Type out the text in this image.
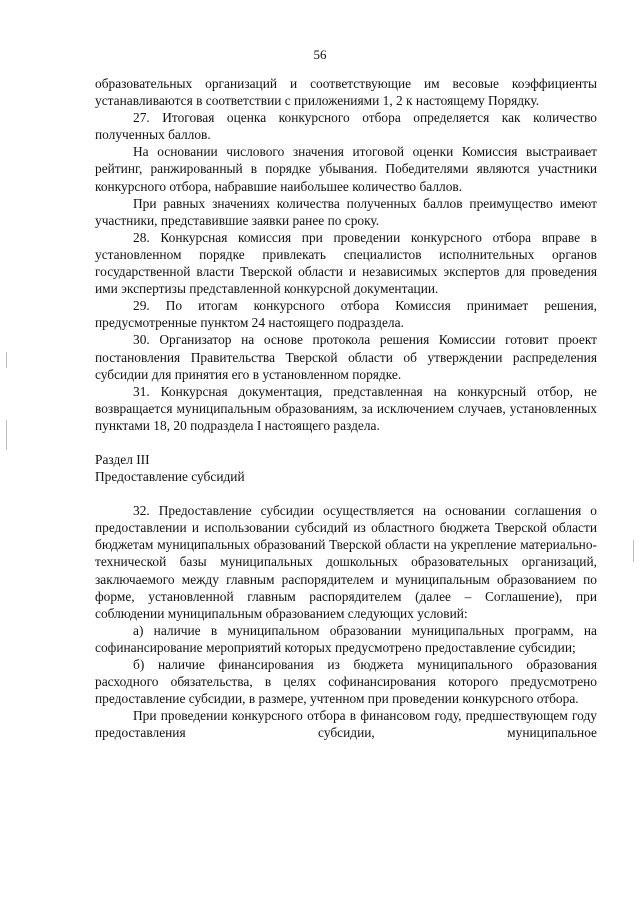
56

образовательных организаций и соответствующие им весовые коэффициенты устанавливаются в соответствии с приложениями 1, 2 к настоящему Порядку.

27. Итоговая оценка конкурсного отбора определяется как количество полученных баллов.

На основании числового значения итоговой оценки Комиссия выстраивает рейтинг, ранжированный в порядке убывания. Победителями являются участники конкурсного отбора, набравшие наибольшее количество баллов.

При равных значениях количества полученных баллов преимущество имеют участники, представившие заявки ранее по сроку.

28. Конкурсная комиссия при проведении конкурсного отбора вправе в установленном порядке привлекать специалистов исполнительных органов государственной власти Тверской области и независимых экспертов для проведения ими экспертизы представленной конкурсной документации.

29. По итогам конкурсного отбора Комиссия принимает решения, предусмотренные пунктом 24 настоящего подраздела.

30. Организатор на основе протокола решения Комиссии готовит проект постановления Правительства Тверской области об утверждении распределения субсидии для принятия его в установленном порядке.

31. Конкурсная документация, представленная на конкурсный отбор, не возвращается муниципальным образованиям, за исключением случаев, установленных пунктами 18, 20 подраздела I настоящего раздела.

Раздел III

Предоставление субсидий

32. Предоставление субсидии осуществляется на основании соглашения о предоставлении и использовании субсидий из областного бюджета Тверской области бюджетам муниципальных образований Тверской области на укрепление материально-технической базы муниципальных дошкольных образовательных организаций, заключаемого между главным распорядителем и муниципальным образованием по форме, установленной главным распорядителем (далее – Соглашение), при соблюдении муниципальным образованием следующих условий:

а) наличие в муниципальном образовании муниципальных программ, на софинансирование мероприятий которых предусмотрено предоставление субсидии;

б) наличие финансирования из бюджета муниципального образования расходного обязательства, в целях софинансирования которого предусмотрено предоставление субсидии, в размере, учтенном при проведении конкурсного отбора.

При проведении конкурсного отбора в финансовом году, предшествующем году предоставления субсидии, муниципальное
